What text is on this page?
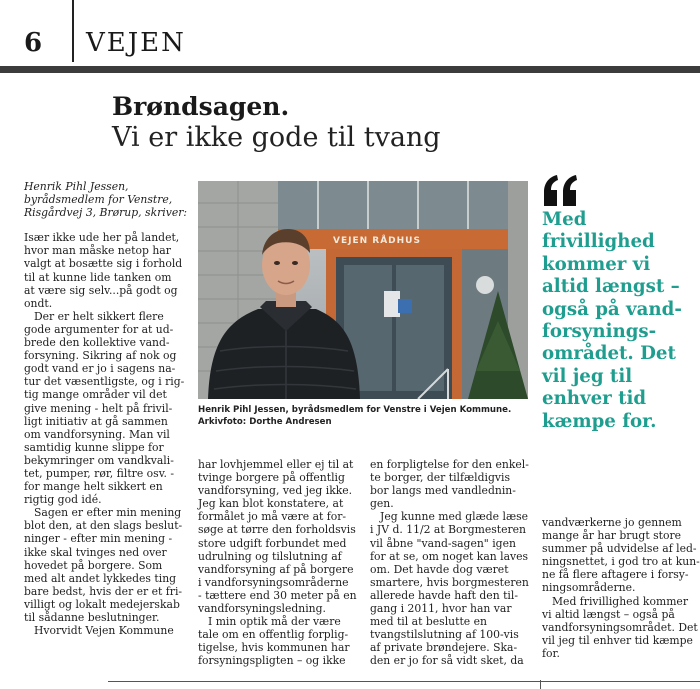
6 VEJEN
Brøndsagen.
Vi er ikke gode til tvang

Henrik Pihl Jessen,
byrådsmedlem for Venstre,
Risgårdvej 3, Brørup, skriver:

Især ikke ude her på landet,
hvor man måske netop har
valgt at bosætte sig i forhold
til at kunne lide tanken om
at være sig selv...på godt og
ondt.

Der er helt sikkert flere
gode argumenter for at ud-
brede den kollektive vand-
forsyning. Sikring af nok og
godt vand er jo i sagens na-
tur det væsentligste, og i rig-
tig mange områder vil det
give mening - helt på frivil-
ligt initiativ at gå sammen
om vandforsyning. Man vil
samtidig kunne slippe for
bekymringer om vandkvali-
tet, pumper, rør, filtre osv. -
for mange helt sikkert en
rigtig god idé.

Sagen er efter min mening
blot den, at den slags beslut-
ninger - efter min mening -
ikke skal tvinges ned over
hovedet på borgere. Som
med alt andet lykkedes ting
bare bedst, hvis der er et fri-
villigt og lokalt medejerskab
til sådanne beslutninger.

Hvorvidt Vejen Kommune

VEJEN RÅDHUS
Henrik Pihl Jessen, byrådsmedlem for Venstre i Vejen Kommune.
Arkivfoto: Dorthe Andresen

har lovhjemmel eller ej til at
tvinge borgere på offentlig
vandforsyning, ved jeg ikke.
Jeg kan blot konstatere, at
formålet jo må være at for-
søge at tørre den forholdsvis
store udgift forbundet med
udrulning og tilslutning af
vandforsyning af på borgere
i vandforsyningsområderne
- tættere end 30 meter på en
vandforsyningsledning.

I min optik må der være
tale om en offentlig forplig-
tigelse, hvis kommunen har
forsyningspligten – og ikke

en forpligtelse for den enkel-
te borger, der tilfældigvis
bor langs med vandlednin-
gen.

Jeg kunne med glæde læse
i JV d. 11/2 at Borgmesteren
vil åbne "vand-sagen" igen
for at se, om noget kan laves
om. Det havde dog været
smartere, hvis borgmesteren
allerede havde haft den til-
gang i 2011, hvor han var
med til at beslutte en
tvangstilslutning af 100-vis
af private brøndejere. Ska-
den er jo for så vidt sket, da

Med frivillighed kommer vi altid længst – også på vand-forsynings-området. Det vil jeg til enhver tid kæmpe for.

vandværkerne jo gennem
mange år har brugt store
summer på udvidelse af led-
ningsnettet, i god tro at kun-
ne få flere aftagere i forsy-
ningsområderne.

Med frivillighed kommer
vi altid længst – også på
vandforsyningsområdet. Det
vil jeg til enhver tid kæmpe
for.
